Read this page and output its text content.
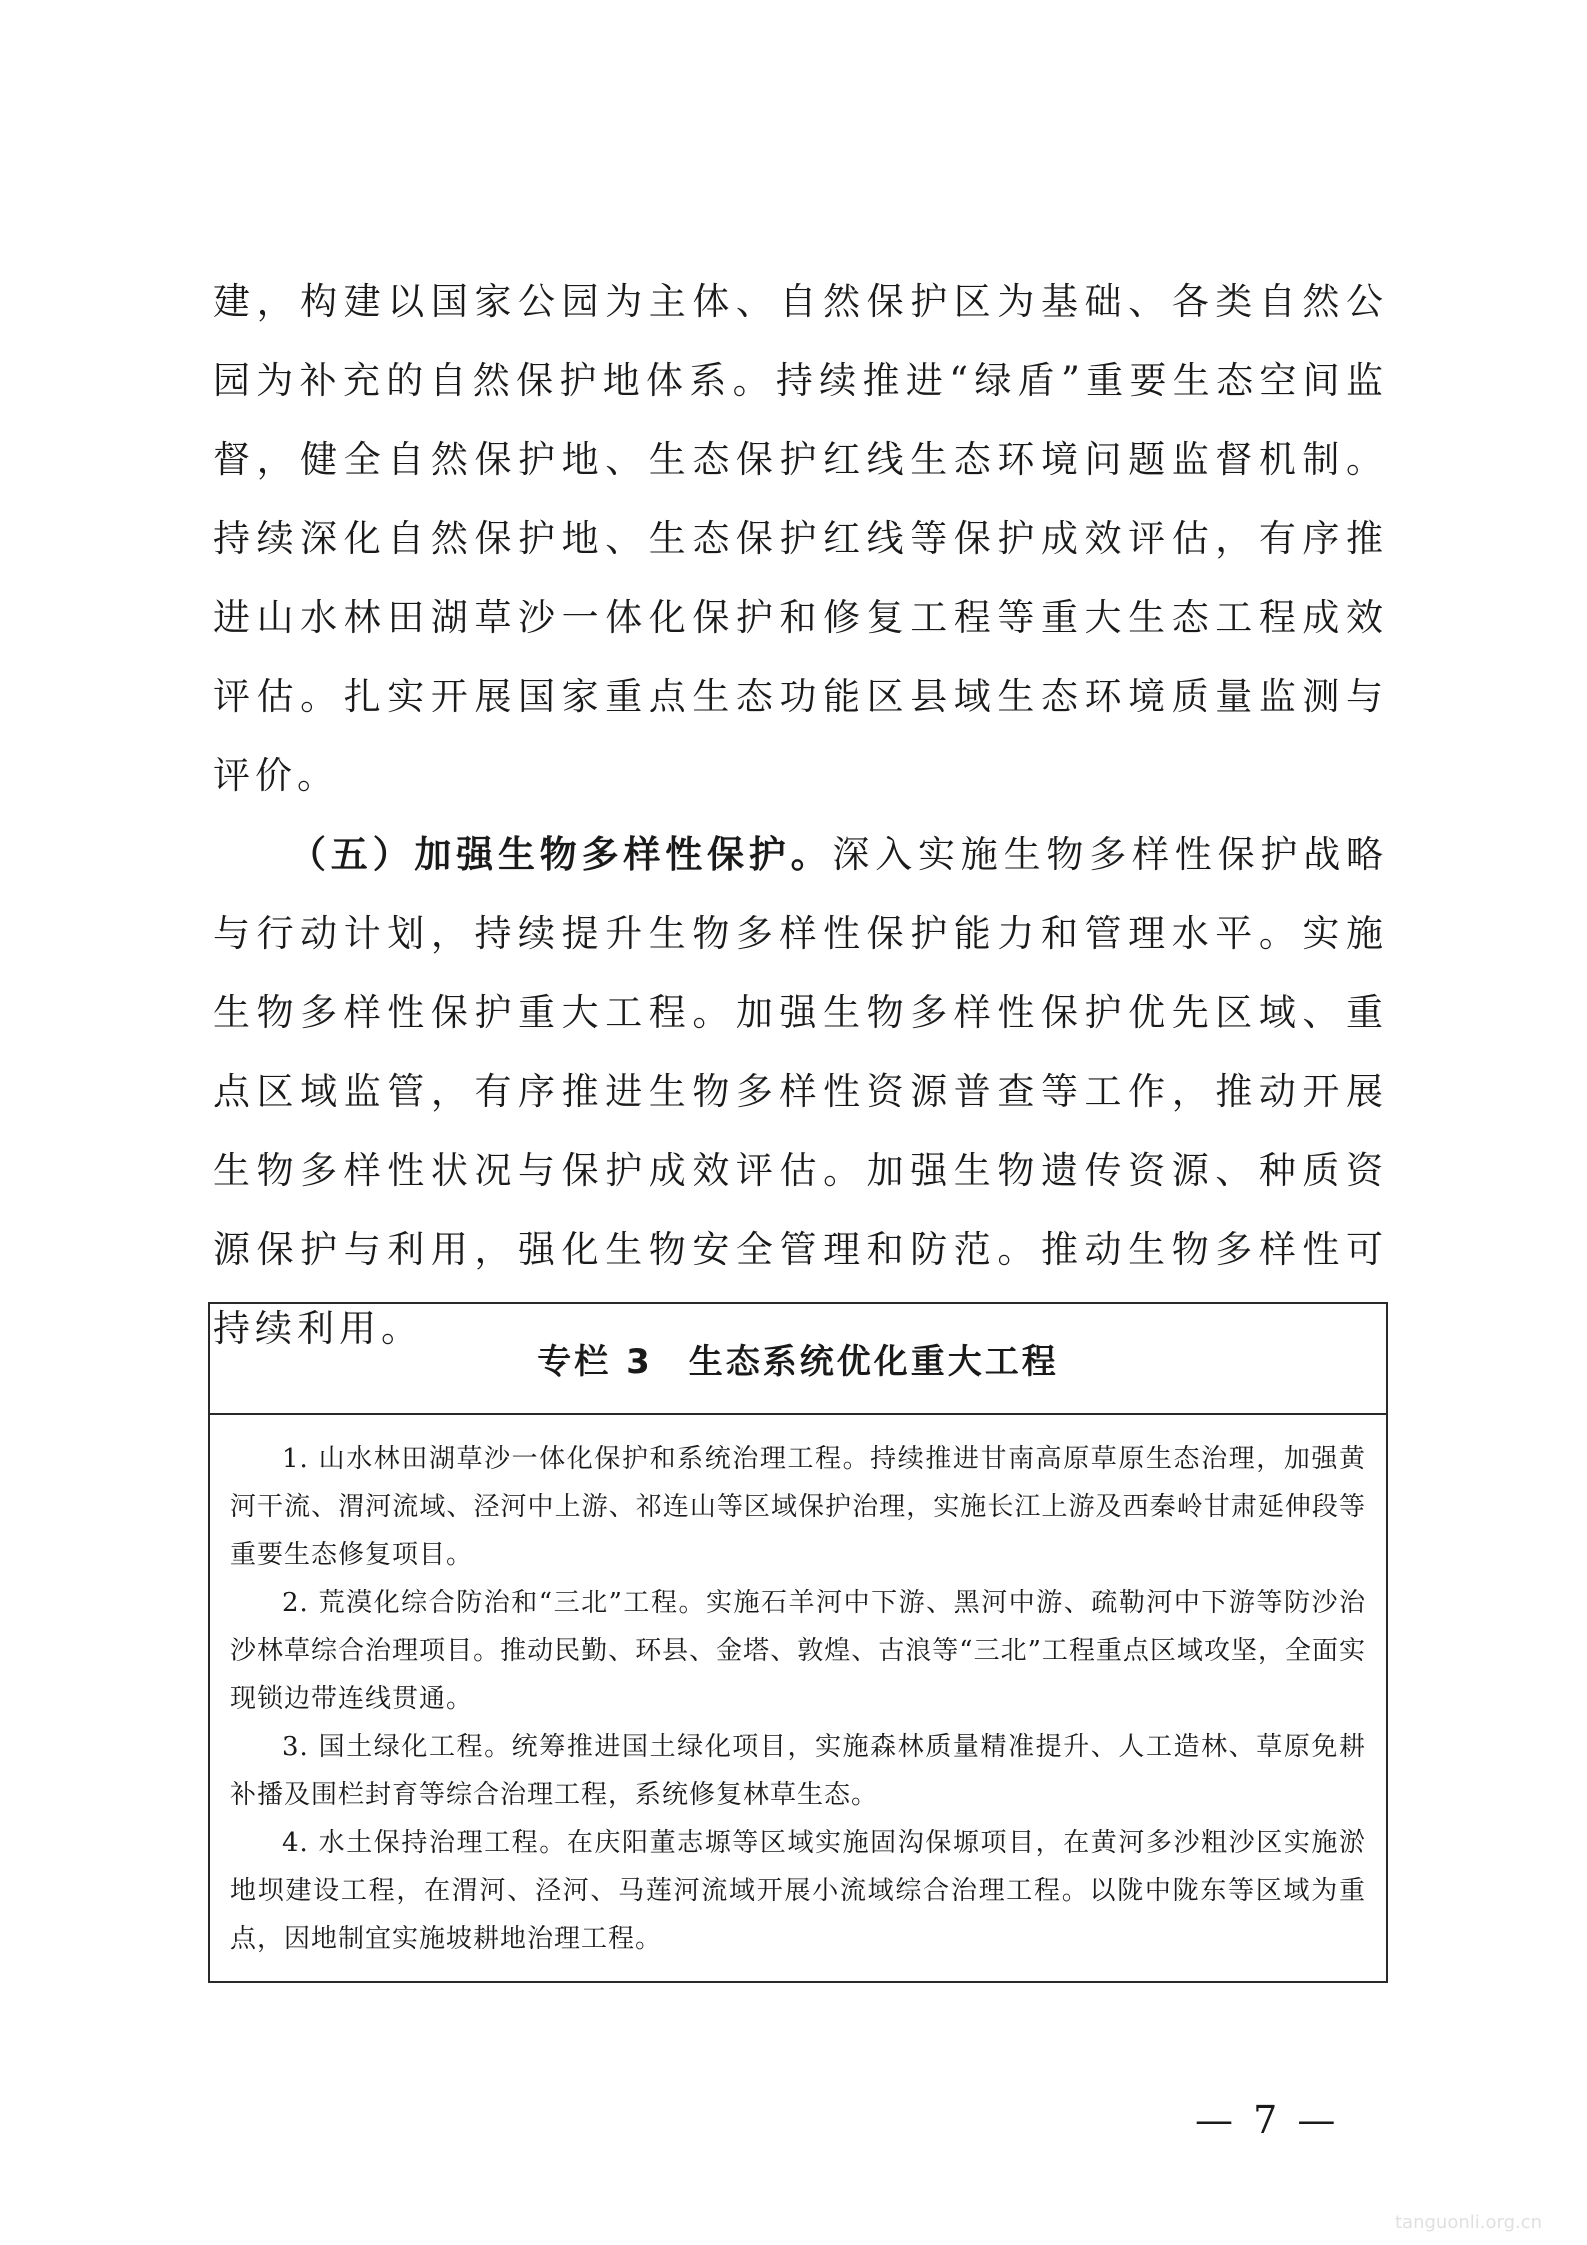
建，构建以国家公园为主体、自然保护区为基础、各类自然公园为补充的自然保护地体系。持续推进“绿盾”重要生态空间监督，健全自然保护地、生态保护红线生态环境问题监督机制。持续深化自然保护地、生态保护红线等保护成效评估，有序推进山水林田湖草沙一体化保护和修复工程等重大生态工程成效评估。扎实开展国家重点生态功能区县域生态环境质量监测与评价。

（五）加强生物多样性保护。深入实施生物多样性保护战略与行动计划，持续提升生物多样性保护能力和管理水平。实施生物多样性保护重大工程。加强生物多样性保护优先区域、重点区域监管，有序推进生物多样性资源普查等工作，推动开展生物多样性状况与保护成效评估。加强生物遗传资源、种质资源保护与利用，强化生物安全管理和防范。推动生物多样性可持续利用。

专栏 3 生态系统优化重大工程

1. 山水林田湖草沙一体化保护和系统治理工程。持续推进甘南高原草原生态治理，加强黄河干流、渭河流域、泾河中上游、祁连山等区域保护治理，实施长江上游及西秦岭甘肃延伸段等重要生态修复项目。

2. 荒漠化综合防治和“三北”工程。实施石羊河中下游、黑河中游、疏勒河中下游等防沙治沙林草综合治理项目。推动民勤、环县、金塔、敦煌、古浪等“三北”工程重点区域攻坚，全面实现锁边带连线贯通。

3. 国土绿化工程。统筹推进国土绿化项目，实施森林质量精准提升、人工造林、草原免耕补播及围栏封育等综合治理工程，系统修复林草生态。

4. 水土保持治理工程。在庆阳董志塬等区域实施固沟保塬项目，在黄河多沙粗沙区实施淤地坝建设工程，在渭河、泾河、马莲河流域开展小流域综合治理工程。以陇中陇东等区域为重点，因地制宜实施坡耕地治理工程。

— 7 —
tanguonli.org.cn
